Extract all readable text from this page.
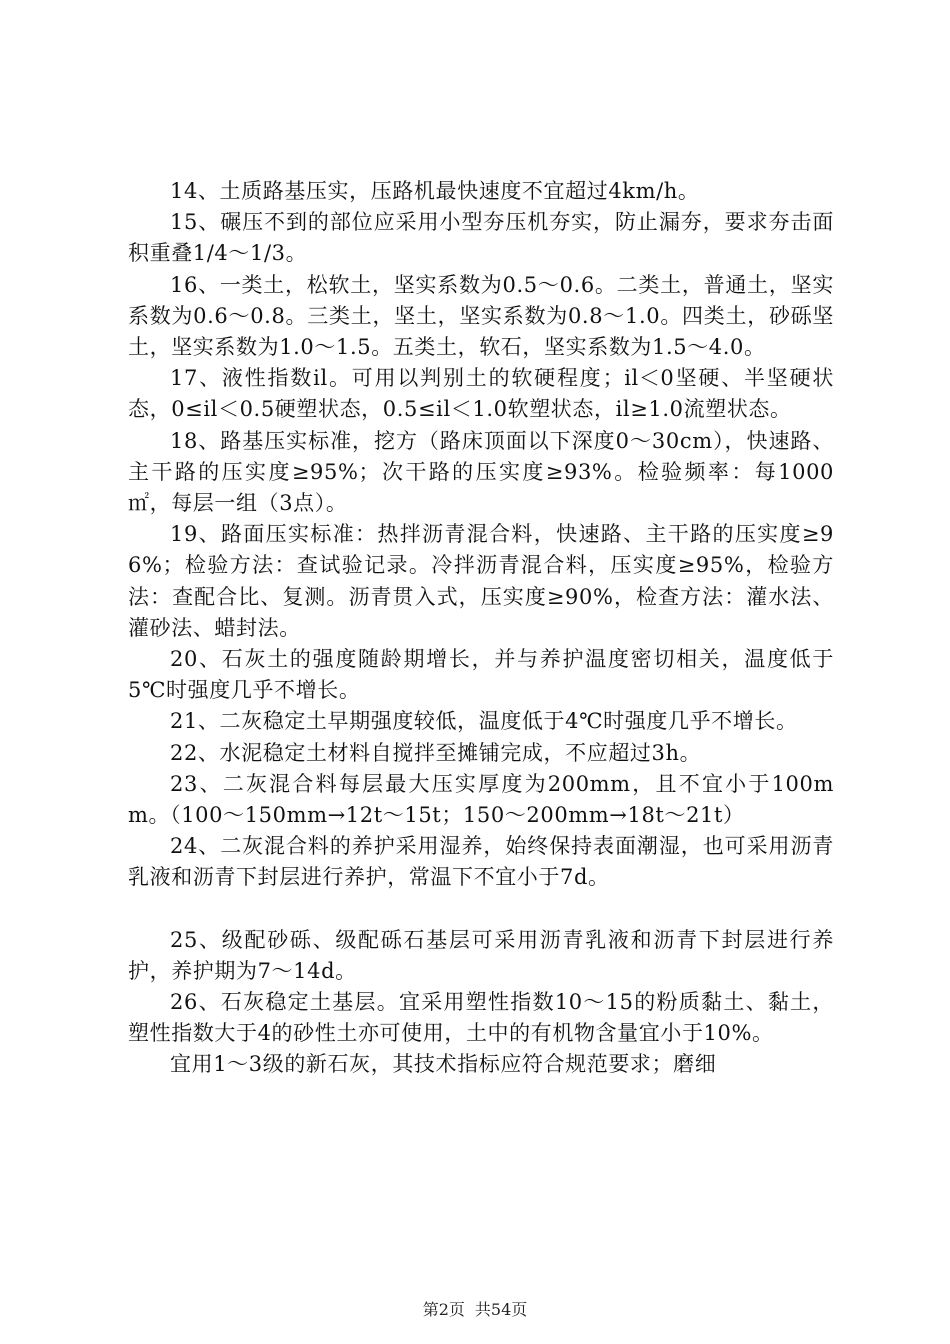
14、土质路基压实，压路机最快速度不宜超过4km/h。

15、碾压不到的部位应采用小型夯压机夯实，防止漏夯，要求夯击面积重叠1/4～1/3。

16、一类土，松软土，坚实系数为0.5～0.6。二类土，普通土，坚实系数为0.6～0.8。三类土，坚土，坚实系数为0.8～1.0。四类土，砂砾坚土，坚实系数为1.0～1.5。五类土，软石，坚实系数为1.5～4.0。

17、液性指数il。可用以判别土的软硬程度；il＜0坚硬、半坚硬状态，0≤il＜0.5硬塑状态，0.5≤il＜1.0软塑状态，il≥1.0流塑状态。

18、路基压实标准，挖方（路床顶面以下深度0～30cm），快速路、主干路的压实度≥95%；次干路的压实度≥93%。检验频率：每1000㎡，每层一组（3点）。

19、路面压实标准：热拌沥青混合料，快速路、主干路的压实度≥96%；检验方法：查试验记录。冷拌沥青混合料，压实度≥95%，检验方法：查配合比、复测。沥青贯入式，压实度≥90%，检查方法：灌水法、灌砂法、蜡封法。

20、石灰土的强度随龄期增长，并与养护温度密切相关，温度低于5℃时强度几乎不增长。

21、二灰稳定土早期强度较低，温度低于4℃时强度几乎不增长。

22、水泥稳定土材料自搅拌至摊铺完成，不应超过3h。

23、二灰混合料每层最大压实厚度为200mm，且不宜小于100mm。（100～150mm→12t～15t；150～200mm→18t～21t）

24、二灰混合料的养护采用湿养，始终保持表面潮湿，也可采用沥青乳液和沥青下封层进行养护，常温下不宜小于7d。

25、级配砂砾、级配砾石基层可采用沥青乳液和沥青下封层进行养护，养护期为7～14d。

26、石灰稳定土基层。宜采用塑性指数10～15的粉质黏土、黏土，塑性指数大于4的砂性土亦可使用，土中的有机物含量宜小于10%。

宜用1～3级的新石灰，其技术指标应符合规范要求；磨细

第2页 共54页
